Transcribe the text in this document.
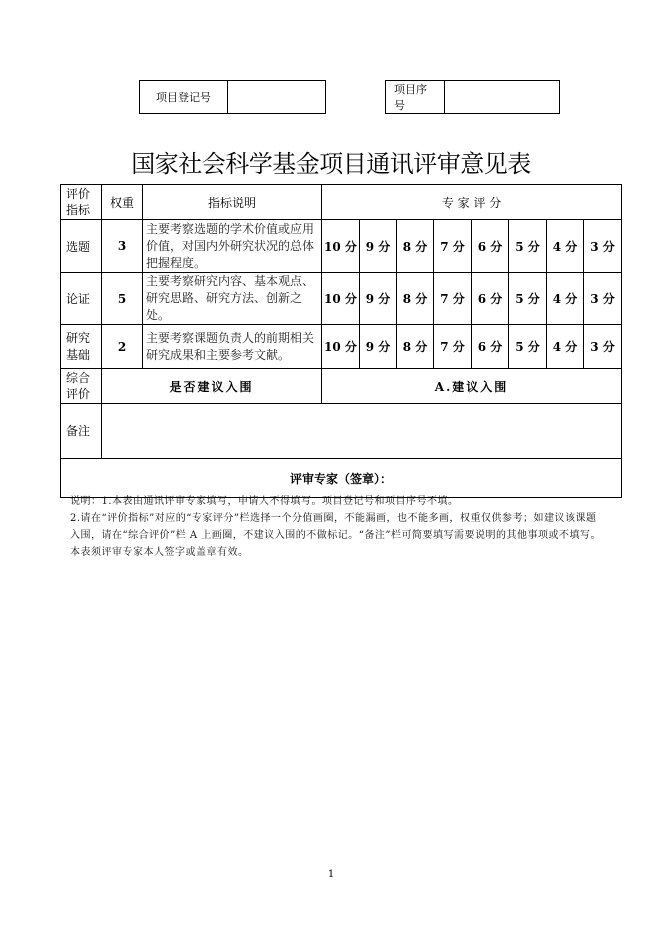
项目登记号
项目序号
国家社会科学基金项目通讯评审意见表
评价
指标	权重	指标说明	专 家 评 分							
选题	3	主要考察选题的学术价值或应用价值，对国内外研究状况的总体把握程度。	10 分	9 分	8 分	7 分	6 分	5 分	4 分	3 分
论证	5	主要考察研究内容、基本观点、研究思路、研究方法、创新之处。	10 分	9 分	8 分	7 分	6 分	5 分	4 分	3 分
研究
基础	2	主要考察课题负责人的前期相关研究成果和主要参考文献。	10 分	9 分	8 分	7 分	6 分	5 分	4 分	3 分
综合
评价	是否建议入围		A.建议入围							
备注										
评审专家（签章）：										

说明：1.本表由通讯评审专家填写，申请人不得填写。项目登记号和项目序号不填。

2.请在“评价指标”对应的“专家评分”栏选择一个分值画圈，不能漏画，也不能多画，权重仅供参考；如建议该课题入围，请在“综合评价”栏 A 上画圈，不建议入围的不做标记。“备注”栏可简要填写需要说明的其他事项或不填写。本表须评审专家本人签字或盖章有效。

1
